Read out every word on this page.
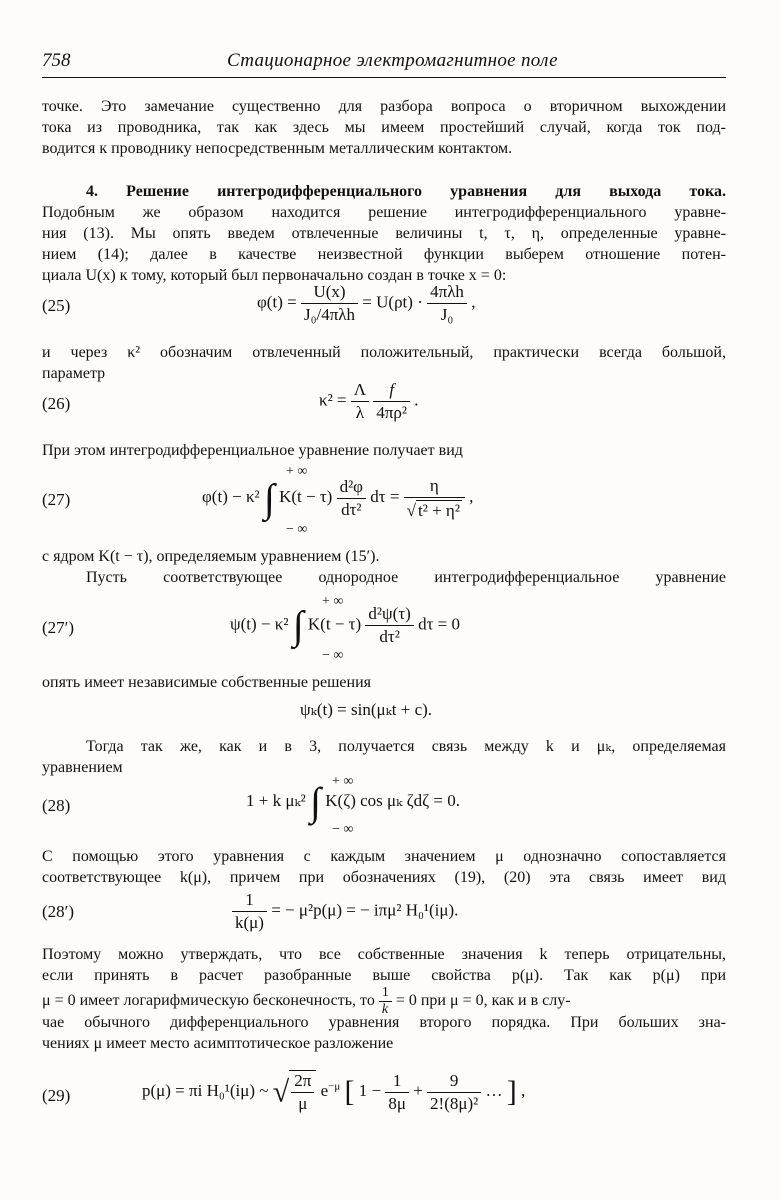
758	Стационарное электромагнитное поле
точке. Это замечание существенно для разбора вопроса о вторичном выхождении
тока из проводника, так как здесь мы имеем простейший случай, когда ток под-
водится к проводнику непосредственным металлическим контактом.
4. Решение интегродифференциального уравнения для выхода тока.
Подобным же образом находится решение интегродифференциального уравне-
ния (13). Мы опять введем отвлеченные величины t, τ, η, определенные уравне-
нием (14); далее в качестве неизвестной функции выберем отношение потен-
циала U(x) к тому, который был первоначально создан в точке x = 0:
(25)	$\varphi(t) = \frac{U(x)}{\text{J₀/4πλh}} = U(\rho t) \cdot \frac{\text{4πλh}}{\text{J₀}}$ ,
и через κ² обозначим отвлеченный положительный, практически всегда большой,
параметр
(26)	$\kappa^2 = \frac{\Lambda}{\lambda}$
$\frac{f}{\text{4πρ²}}$ .
При этом интегродифференциальное уравнение получает вид
(27)
+ ∞
− ∞
φ(t) − κ² ∫ $K(t - \tau) \frac{\text{d²φ}}{\text{dτ²}}$ $d\tau = \frac{\eta}{\text{√ t² + η²}}$ ,
с ядром K(t − τ), определяемым уравнением (15′).
Пусть соответствующее однородное интегродифференциальное уравнение
(27′)
+ ∞
− ∞
ψ(t) − κ² ∫ $K(t - \tau) \frac{\text{d²ψ(τ)}}{\text{dτ²}}$ dτ = 0
опять имеет независимые собственные решения
ψₖ(t) = sin(μₖt + c).
Тогда так же, как и в 3, получается связь между k и μₖ, определяемая
уравнением
(28)
+ ∞
− ∞
1 + k μₖ² ∫ K(ζ) cos μₖ ζdζ = 0.
С помощью этого уравнения с каждым значением μ однозначно сопоставляется
соответствующее k(μ), причем при обозначениях (19), (20) эта связь имеет вид
(28′)	$\frac{1}{k(\mu)}$ = − μ²p(μ) = − iπμ² H₀¹(iμ).
Поэтому можно утверждать, что все собственные значения k теперь отрицательны,
если принять в расчет разобранные выше свойства p(μ). Так как p(μ) при
μ = 0 имеет логарифмическую бесконечность, то $\frac{1}{k} = 0$ при μ = 0, как и в слу-
чае обычного дифференциального уравнения второго порядка. При больших зна-
чениях μ имеет место асимптотическое разложение
(29)	p(μ) = πi H₀¹(iμ) ~ √ $\frac{2\pi}{\mu} e^{-\mu}$ [ $1 - \frac{1}{8\mu} + \frac{9}{\text{2!(8μ)²}}$ … ] ,
